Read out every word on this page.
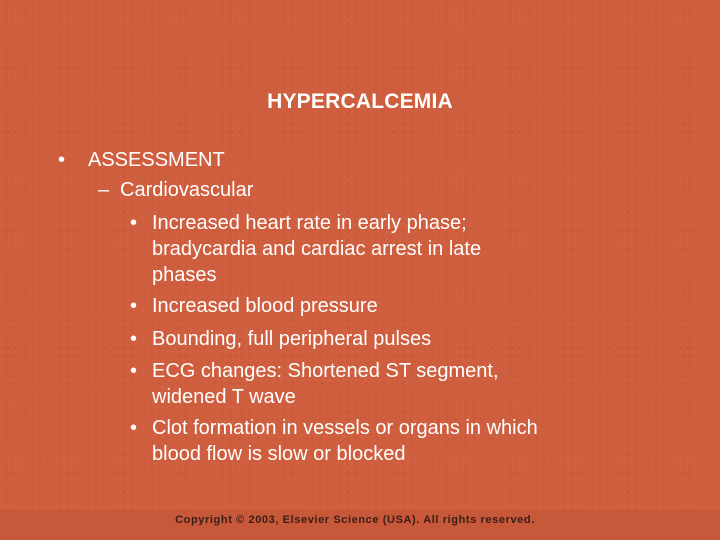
HYPERCALCEMIA
• ASSESSMENT
– Cardiovascular
• Increased heart rate in early phase;
bradycardia and cardiac arrest in late
phases
• Increased blood pressure
• Bounding, full peripheral pulses
• ECG changes: Shortened ST segment,
widened T wave
• Clot formation in vessels or organs in which
blood flow is slow or blocked
Copyright © 2003, Elsevier Science (USA). All rights reserved.
